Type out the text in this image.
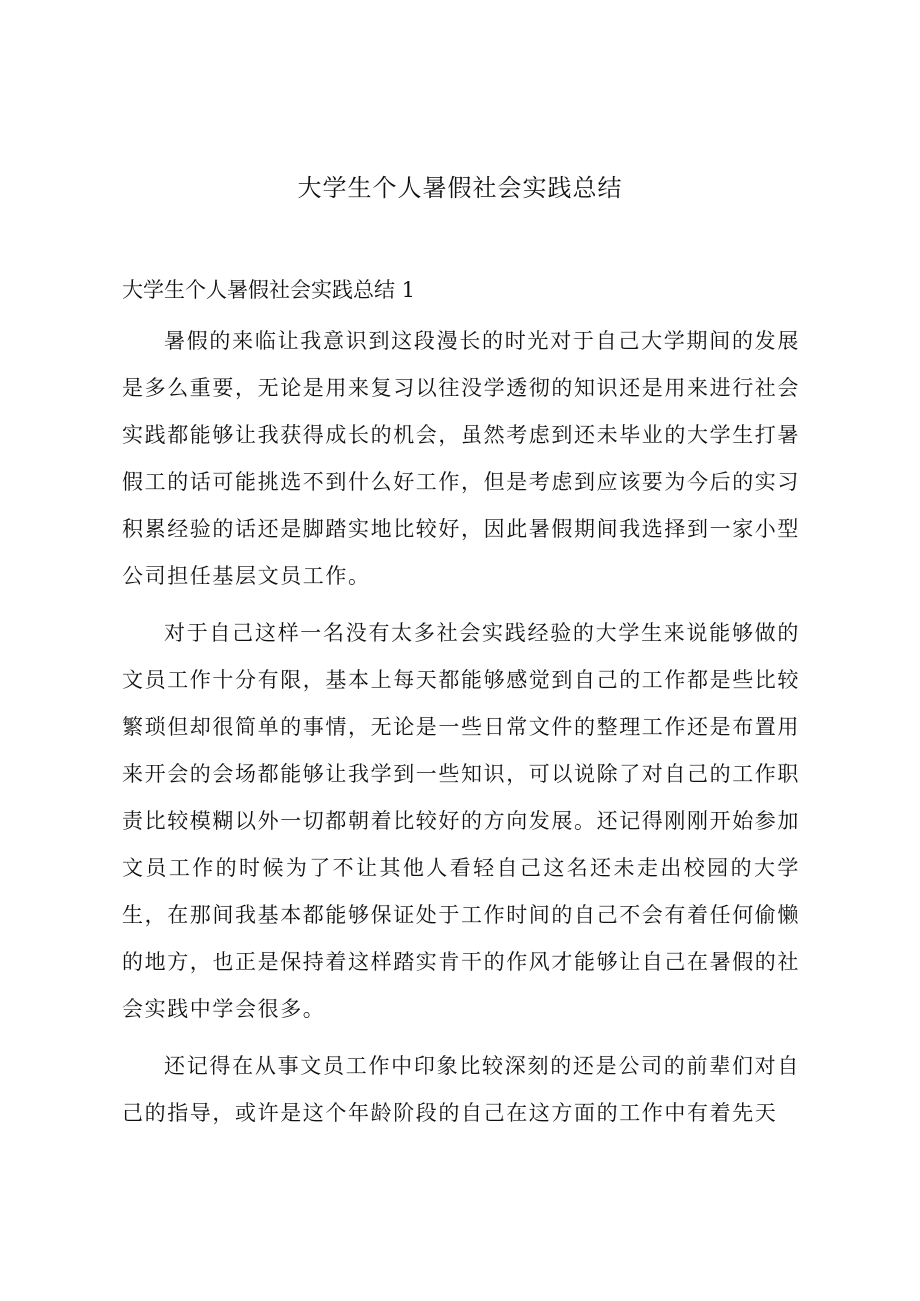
大学生个人暑假社会实践总结
大学生个人暑假社会实践总结 1

暑假的来临让我意识到这段漫长的时光对于自己大学期间的发展是多么重要，无论是用来复习以往没学透彻的知识还是用来进行社会实践都能够让我获得成长的机会，虽然考虑到还未毕业的大学生打暑假工的话可能挑选不到什么好工作，但是考虑到应该要为今后的实习积累经验的话还是脚踏实地比较好，因此暑假期间我选择到一家小型公司担任基层文员工作。

对于自己这样一名没有太多社会实践经验的大学生来说能够做的文员工作十分有限，基本上每天都能够感觉到自己的工作都是些比较繁琐但却很简单的事情，无论是一些日常文件的整理工作还是布置用来开会的会场都能够让我学到一些知识，可以说除了对自己的工作职责比较模糊以外一切都朝着比较好的方向发展。还记得刚刚开始参加文员工作的时候为了不让其他人看轻自己这名还未走出校园的大学生，在那间我基本都能够保证处于工作时间的自己不会有着任何偷懒的地方，也正是保持着这样踏实肯干的作风才能够让自己在暑假的社会实践中学会很多。

还记得在从事文员工作中印象比较深刻的还是公司的前辈们对自己的指导，或许是这个年龄阶段的自己在这方面的工作中有着先天
